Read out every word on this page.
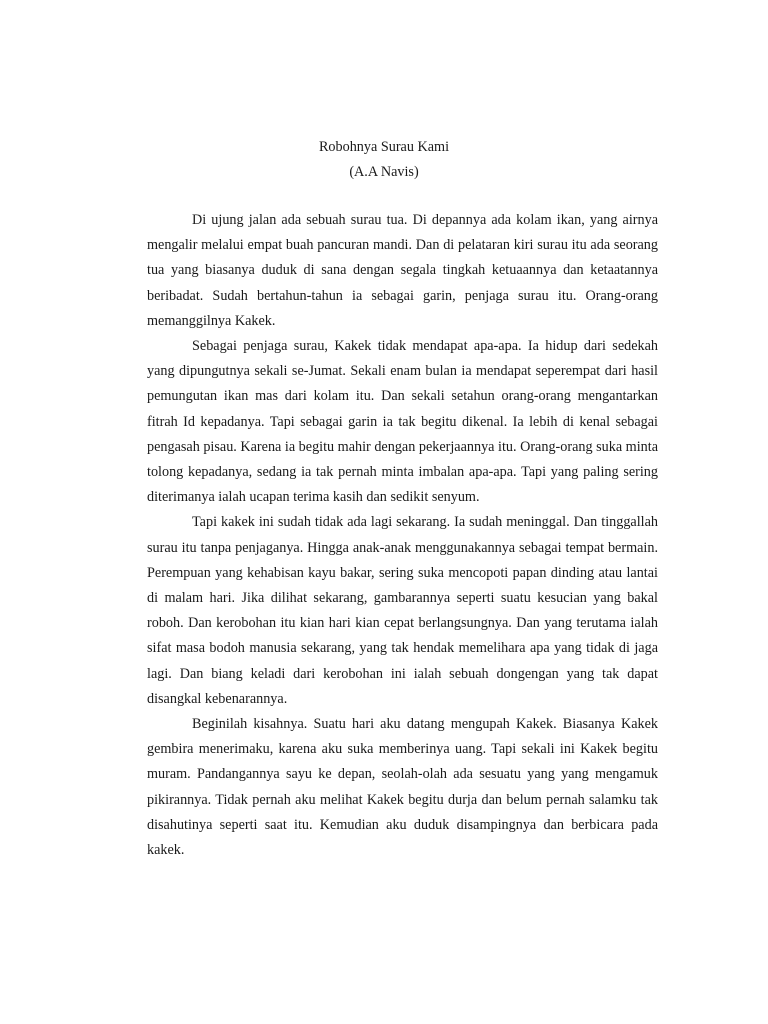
Robohnya Surau Kami
(A.A Navis)

Di ujung jalan ada sebuah surau tua. Di depannya ada kolam ikan, yang airnya mengalir melalui empat buah pancuran mandi. Dan di pelataran kiri surau itu ada seorang tua yang biasanya duduk di sana dengan segala tingkah ketuaannya dan ketaatannya beribadat. Sudah bertahun-tahun ia sebagai garin, penjaga surau itu. Orang-orang memanggilnya Kakek.

Sebagai penjaga surau, Kakek tidak mendapat apa-apa. Ia hidup dari sedekah yang dipungutnya sekali se-Jumat. Sekali enam bulan ia mendapat seperempat dari hasil pemungutan ikan mas dari kolam itu. Dan sekali setahun orang-orang mengantarkan fitrah Id kepadanya. Tapi sebagai garin ia tak begitu dikenal. Ia lebih di kenal sebagai pengasah pisau. Karena ia begitu mahir dengan pekerjaannya itu. Orang-orang suka minta tolong kepadanya, sedang ia tak pernah minta imbalan apa-apa. Tapi yang paling sering diterimanya ialah ucapan terima kasih dan sedikit senyum.

Tapi kakek ini sudah tidak ada lagi sekarang. Ia sudah meninggal. Dan tinggallah surau itu tanpa penjaganya. Hingga anak-anak menggunakannya sebagai tempat bermain. Perempuan yang kehabisan kayu bakar, sering suka mencopoti papan dinding atau lantai di malam hari. Jika dilihat sekarang, gambarannya seperti suatu kesucian yang bakal roboh. Dan kerobohan itu kian hari kian cepat berlangsungnya. Dan yang terutama ialah sifat masa bodoh manusia sekarang, yang tak hendak memelihara apa yang tidak di jaga lagi. Dan biang keladi dari kerobohan ini ialah sebuah dongengan yang tak dapat disangkal kebenarannya.

Beginilah kisahnya. Suatu hari aku datang mengupah Kakek. Biasanya Kakek gembira menerimaku, karena aku suka memberinya uang. Tapi sekali ini Kakek begitu muram. Pandangannya sayu ke depan, seolah-olah ada sesuatu yang yang mengamuk pikirannya. Tidak pernah aku melihat Kakek begitu durja dan belum pernah salamku tak disahutinya seperti saat itu. Kemudian aku duduk disampingnya dan berbicara pada kakek.
